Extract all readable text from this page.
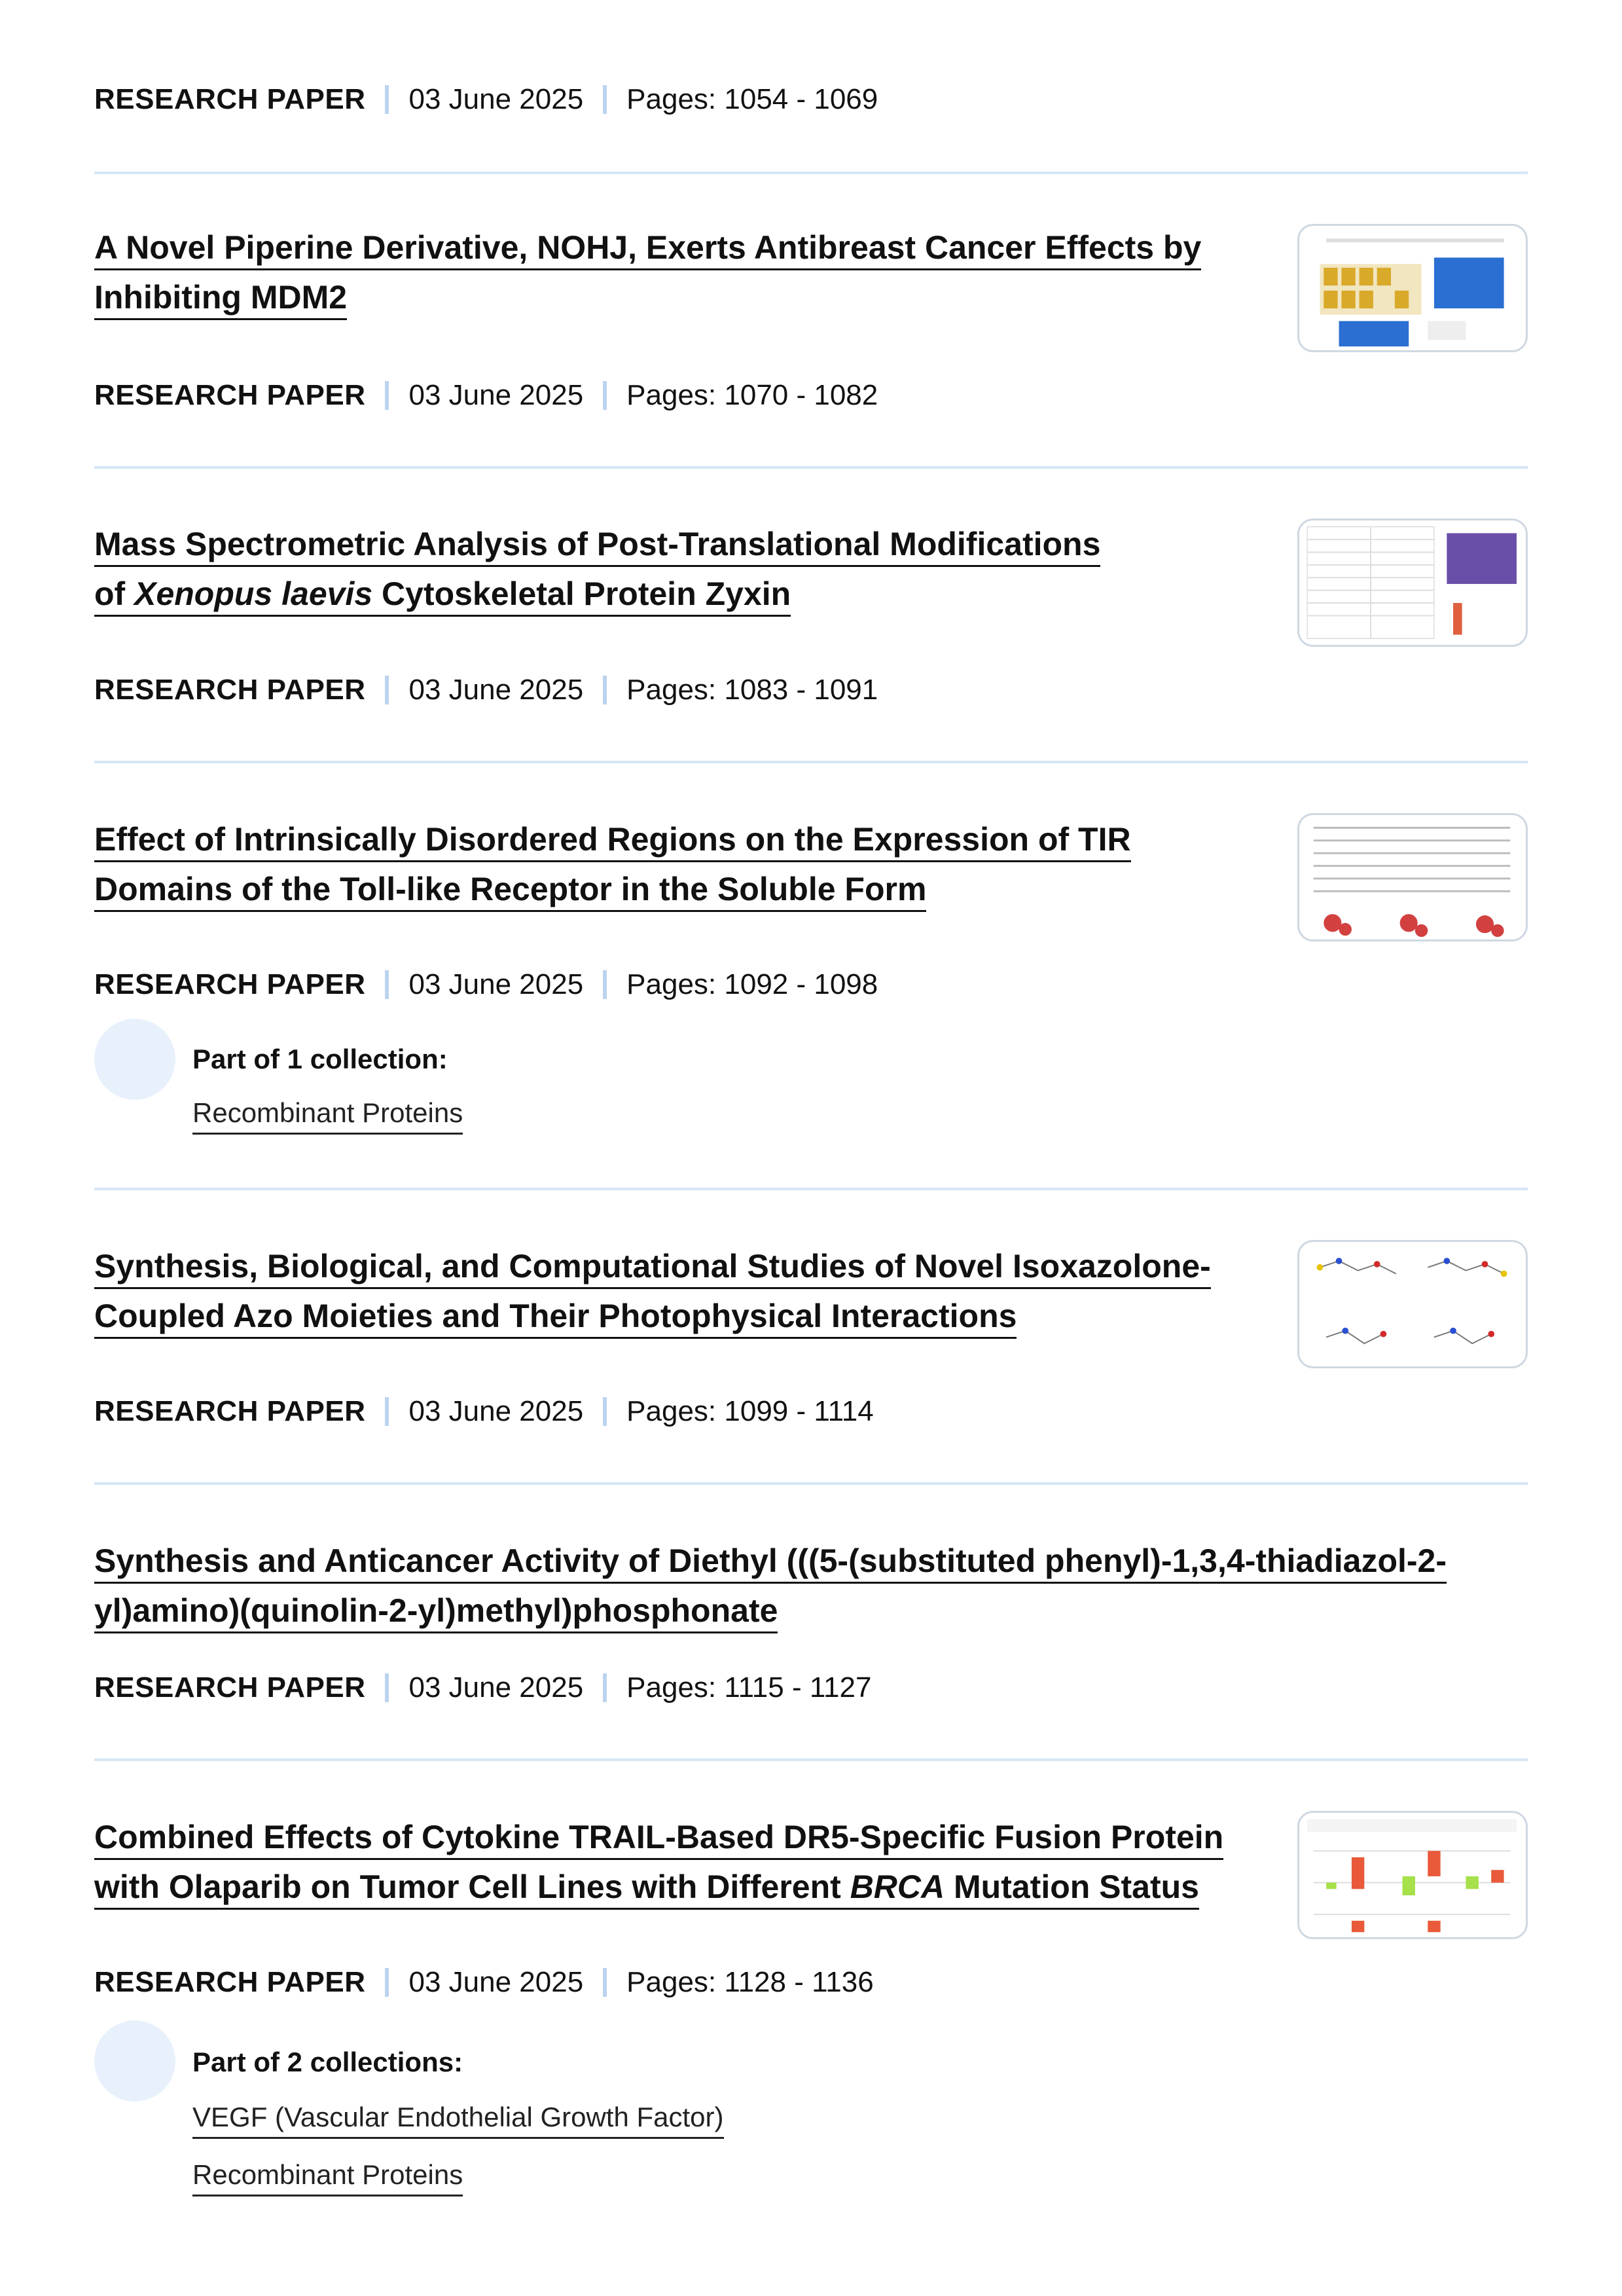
RESEARCH PAPER 03 June 2025 Pages: 1054 - 1069
A Novel Piperine Derivative, NOHJ, Exerts Antibreast Cancer Effects by
Inhibiting MDM2
RESEARCH PAPER 03 June 2025 Pages: 1070 - 1082
Mass Spectrometric Analysis of Post-Translational Modifications
of Xenopus laevis Cytoskeletal Protein Zyxin
RESEARCH PAPER 03 June 2025 Pages: 1083 - 1091
Effect of Intrinsically Disordered Regions on the Expression of TIR
Domains of the Toll-like Receptor in the Soluble Form
RESEARCH PAPER 03 June 2025 Pages: 1092 - 1098
Part of 1 collection:
Recombinant Proteins
Synthesis, Biological, and Computational Studies of Novel Isoxazolone-
Coupled Azo Moieties and Their Photophysical Interactions
RESEARCH PAPER 03 June 2025 Pages: 1099 - 1114
Synthesis and Anticancer Activity of Diethyl (((5-(substituted phenyl)-1,3,4-thiadiazol-2-
yl)amino)(quinolin-2-yl)methyl)phosphonate
RESEARCH PAPER 03 June 2025 Pages: 1115 - 1127
Combined Effects of Cytokine TRAIL-Based DR5-Specific Fusion Protein
with Olaparib on Tumor Cell Lines with Different BRCA Mutation Status
RESEARCH PAPER 03 June 2025 Pages: 1128 - 1136
Part of 2 collections:
VEGF (Vascular Endothelial Growth Factor)
Recombinant Proteins
